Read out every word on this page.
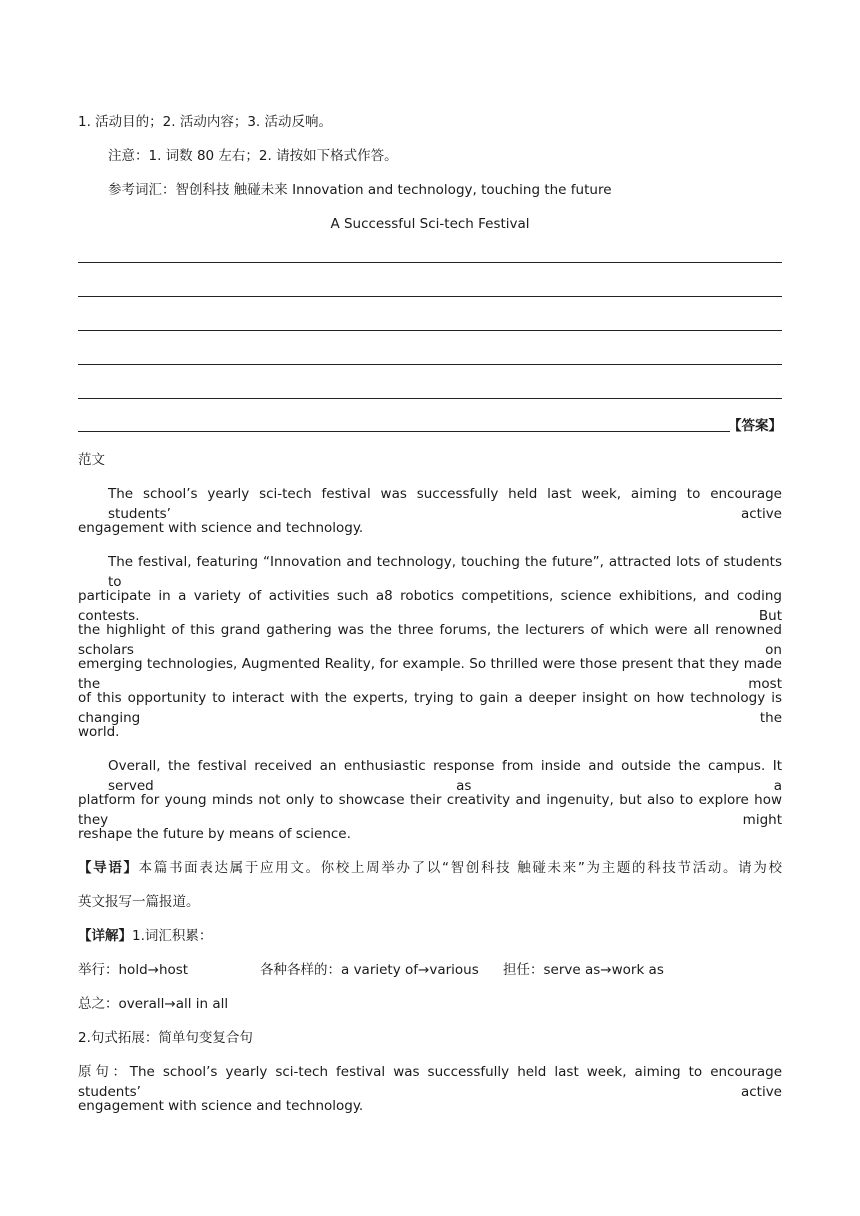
1. 活动目的；2. 活动内容；3. 活动反响。
注意：1. 词数 80 左右；2. 请按如下格式作答。
参考词汇：智创科技 触碰未来 Innovation and technology, touching the future
A Successful Sci-tech Festival
【答案】
范文
The school’s yearly sci-tech festival was successfully held last week, aiming to encourage students’ active
engagement with science and technology.
The festival, featuring “Innovation and technology, touching the future”, attracted lots of students to
participate in a variety of activities such a8 robotics competitions, science exhibitions, and coding contests. But
the highlight of this grand gathering was the three forums, the lecturers of which were all renowned scholars on
emerging technologies, Augmented Reality, for example. So thrilled were those present that they made the most
of this opportunity to interact with the experts, trying to gain a deeper insight on how technology is changing the
world.
Overall, the festival received an enthusiastic response from inside and outside the campus. It served as a
platform for young minds not only to showcase their creativity and ingenuity, but also to explore how they might
reshape the future by means of science.
【导语】本篇书面表达属于应用文。你校上周举办了以“智创科技 触碰未来”为主题的科技节活动。请为校
英文报写一篇报道。
【详解】1.词汇积累：
举行：hold→host	各种各样的：a variety of→various 担任：serve as→work as
总之：overall→all in all
2.句式拓展：简单句变复合句
原句：The school’s yearly sci-tech festival was successfully held last week, aiming to encourage students’ active
engagement with science and technology.
